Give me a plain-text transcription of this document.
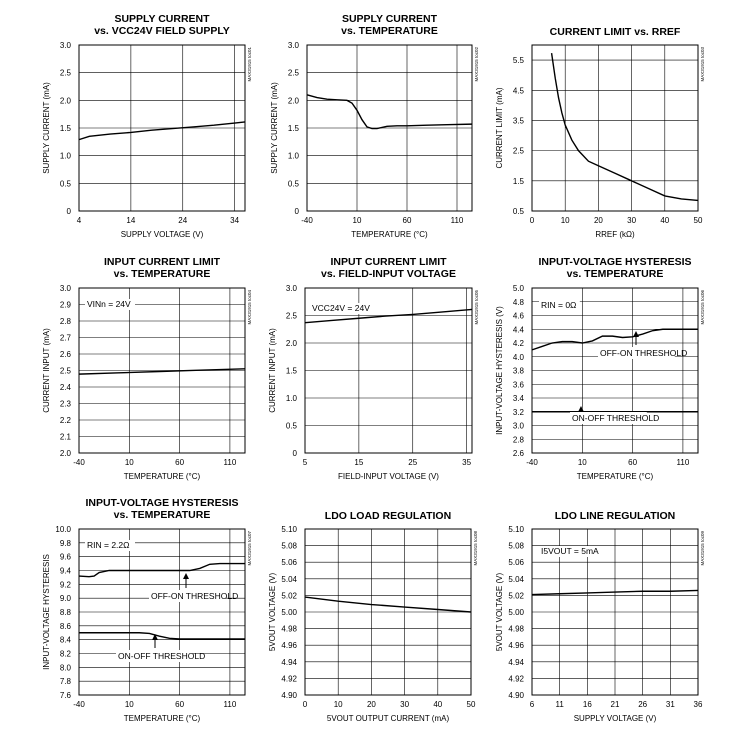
SUPPLY CURRENT
vs. VCC24V FIELD SUPPLY
4	14	24	34
0
0.5
1.0
1.5
2.0
2.5
3.0
SUPPLY VOLTAGE (V)
SUPPLY CURRENT (mA)
MAX31915 toc01
SUPPLY CURRENT
vs. TEMPERATURE
-40	10	60	110
0
0.5
1.0
1.5
2.0
2.5
3.0
TEMPERATURE (°C)
SUPPLY CURRENT (mA)
MAX31915 toc02
CURRENT LIMIT vs. RREF
0	10	20	30	40	50
0.5
1.5
2.5
3.5
4.5
5.5
RREF (kΩ)
CURRENT LIMIT (mA)
MAX31915 toc03
INPUT CURRENT LIMIT
vs. TEMPERATURE
-40	10	60	110
2.0
2.1
2.2
2.3
2.4
2.5
2.6
2.7
2.8
2.9
3.0
TEMPERATURE (°C)
CURRENT INPUT (mA)
MAX31915 toc04
VINn = 24V
INPUT CURRENT LIMIT
vs. FIELD-INPUT VOLTAGE
5	15	25	35
0
0.5
1.0
1.5
2.0
2.5
3.0
FIELD-INPUT VOLTAGE (V)
CURRENT INPUT (mA)
MAX31915 toc05
VCC24V = 24V
INPUT-VOLTAGE HYSTERESIS
vs. TEMPERATURE
-40	10	60	110
2.6
2.8
3.0
3.2
3.4
3.6
3.8
4.0
4.2
4.4
4.6
4.8
5.0
TEMPERATURE (°C)
INPUT-VOLTAGE HYSTERESIS (V)	MAX31915 toc06
RIN = 0Ω
OFF-ON THRESHOLD
ON-OFF THRESHOLD
INPUT-VOLTAGE HYSTERESIS
vs. TEMPERATURE
-40	10	60	110
7.6
7.8
8.0
8.2
8.4
8.6
8.8
9.0
9.2
9.4
9.6
9.8
10.0
TEMPERATURE (°C)
INPUT-VOLTAGE HYSTERESIS
MAX31915 toc07
RIN = 2.2Ω
OFF-ON THRESHOLD
ON-OFF THRESHOLD
LDO LOAD REGULATION
0	10	20	30	40	50
4.90
4.92
4.94
4.96
4.98
5.00
5.02
5.04
5.06
5.08
5.10
5VOUT OUTPUT CURRENT (mA)
5VOUT VOLTAGE (V)
MAX31915 toc08
LDO LINE REGULATION
6	11 16 21 26 31 36
4.90
4.92
4.94
4.96
4.98
5.00
5.02
5.04
5.06
5.08
5.10
SUPPLY VOLTAGE (V)
5VOUT VOLTAGE (V)
MAX31915 toc09
I5VOUT = 5mA
